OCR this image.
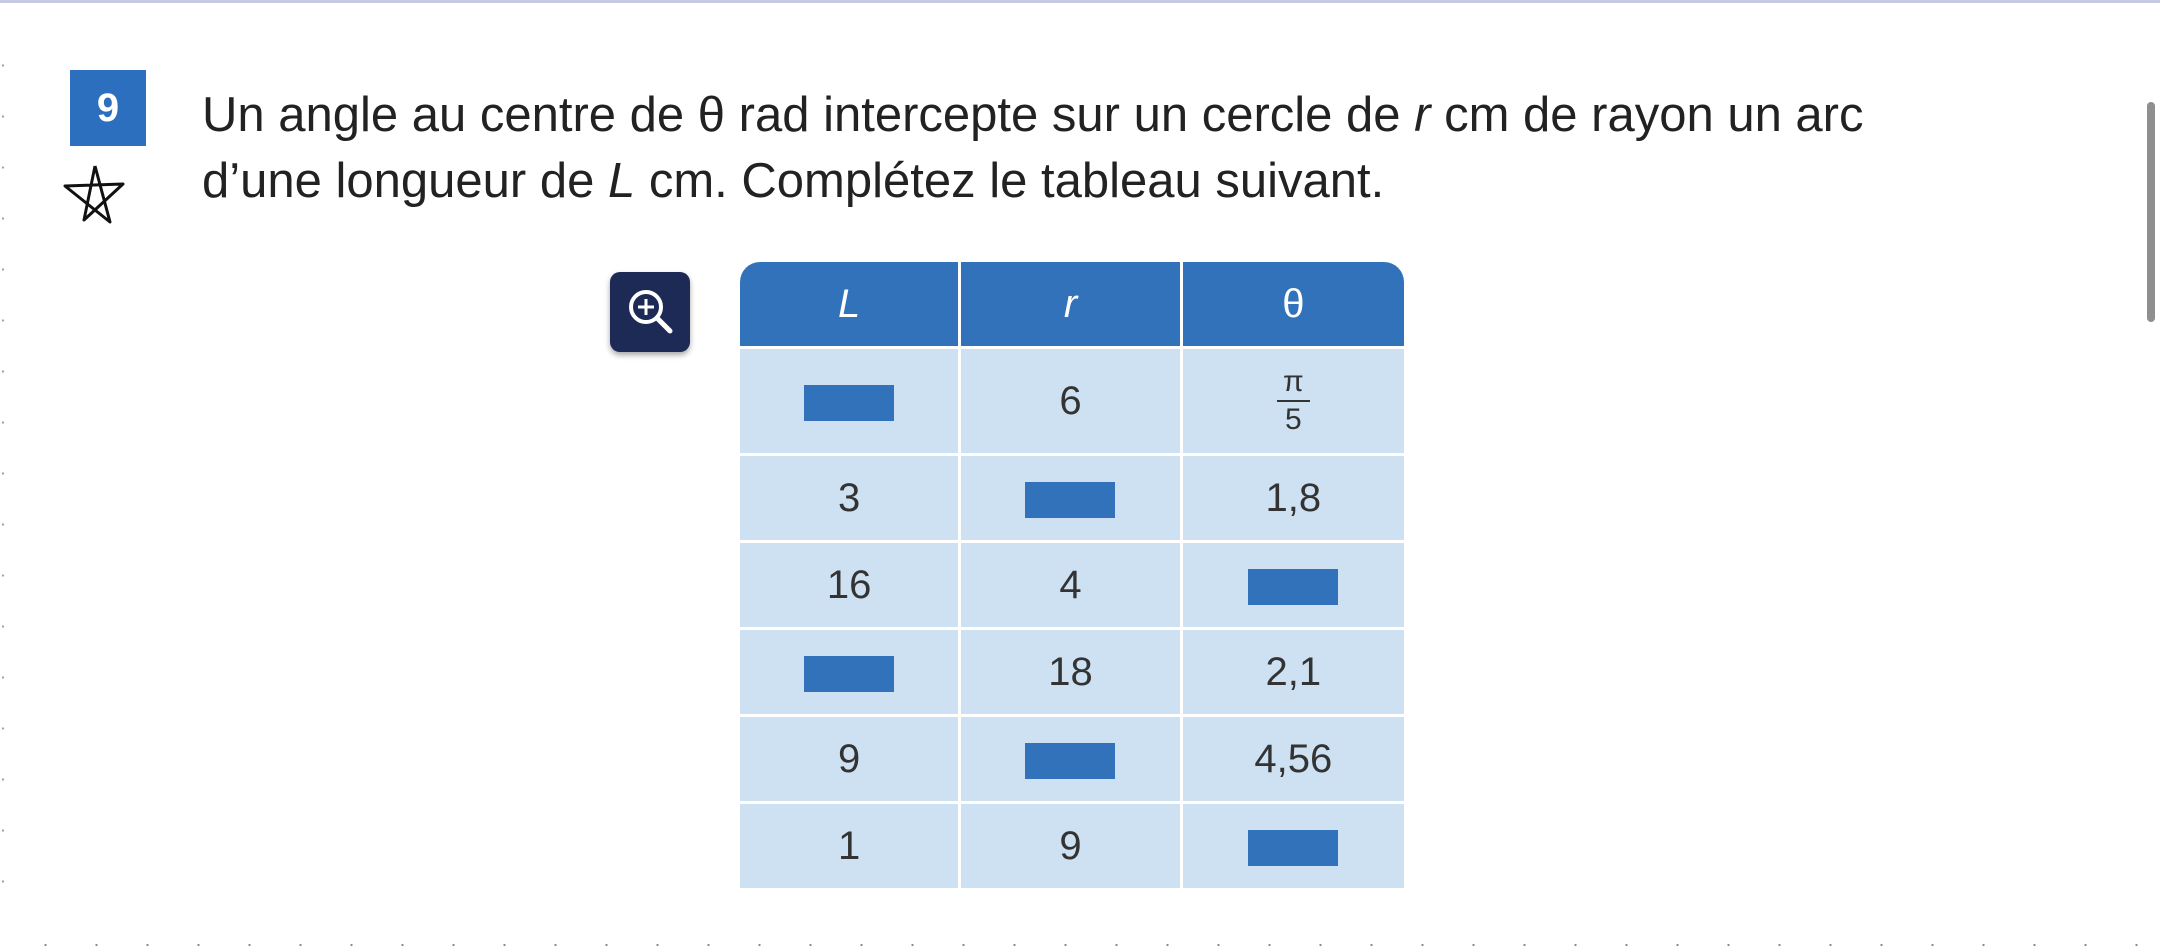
9 Un angle au centre de θ rad intercepte sur un cercle de r cm de rayon un arc
d’une longueur de L cm. Complétez le tableau suivant.
L	r	θ
	6	$\frac{\pi}{5}$

3		1,8
16	4	
	18	2,1
9		4,56
1	9	
